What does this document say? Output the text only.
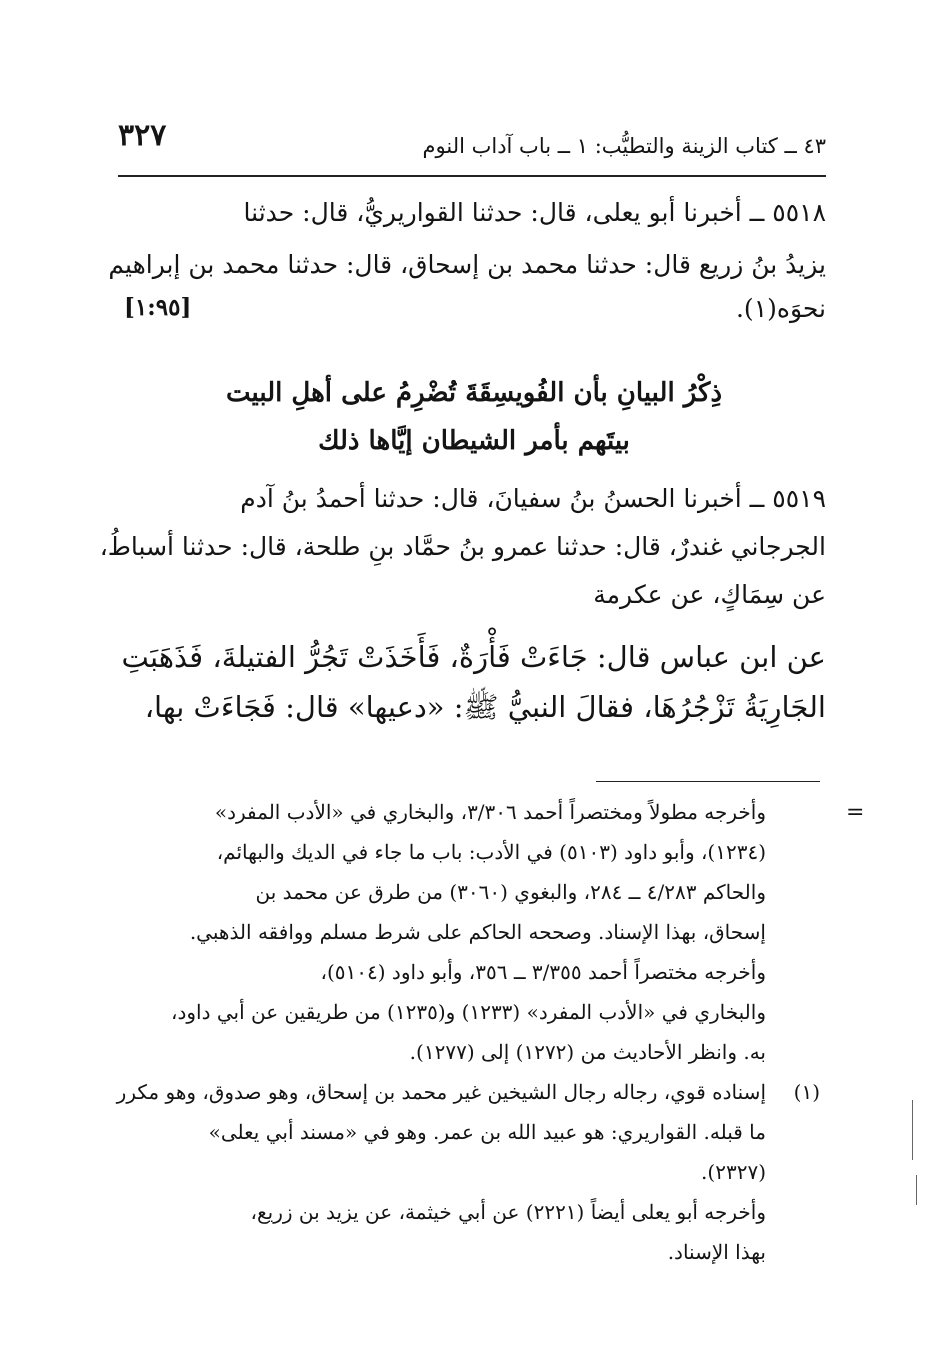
٣٢٧	٤٣ ــ كتاب الزينة والتطيُّب: ١ ــ باب آداب النوم
٥٥١٨ ــ أخبرنا أبو يعلى، قال: حدثنا القواريريُّ، قال: حدثنا
يزيدُ بنُ زريع قال: حدثنا محمد بن إسحاق، قال: حدثنا محمد بن إبراهيم
نحوَه(١).
[١:٩٥]
ذِكْرُ البيانِ بأن الفُويسِقَةَ تُضْرِمُ على أهلِ البيت
بيتَهم بأمر الشيطان إيَّاها ذلك
٥٥١٩ ــ أخبرنا الحسنُ بنُ سفيانَ، قال: حدثنا أحمدُ بنُ آدم
الجرجاني غندرٌ، قال: حدثنا عمرو بنُ حمَّاد بنِ طلحة، قال: حدثنا أسباطُ،
عن سِمَاكٍ، عن عكرمة
عن ابن عباس قال: جَاءَتْ فَأْرَةٌ، فَأَخَذَتْ تَجُرُّ الفتيلةَ، فَذَهَبَتِ
الجَارِيَةُ تَزْجُرُهَا، فقالَ النبيُّ ﷺ: «دعيها» قال: فَجَاءَتْ بها،
=
وأخرجه مطولاً ومختصراً أحمد ٣/٣٠٦، والبخاري في «الأدب المفرد»
(١٢٣٤)، وأبو داود (٥١٠٣) في الأدب: باب ما جاء في الديك والبهائم،
والحاكم ٤/٢٨٣ ــ ٢٨٤، والبغوي (٣٠٦٠) من طرق عن محمد بن
إسحاق، بهذا الإسناد. وصححه الحاكم على شرط مسلم ووافقه الذهبي.
وأخرجه مختصراً أحمد ٣/٣٥٥ ــ ٣٥٦، وأبو داود (٥١٠٤)،
والبخاري في «الأدب المفرد» (١٢٣٣) و(١٢٣٥) من طريقين عن أبي داود،
به. وانظر الأحاديث من (١٢٧٢) إلى (١٢٧٧).
(١)
إسناده قوي، رجاله رجال الشيخين غير محمد بن إسحاق، وهو صدوق، وهو مكرر
ما قبله. القواريري: هو عبيد الله بن عمر. وهو في «مسند أبي يعلى»
(٢٣٢٧).
وأخرجه أبو يعلى أيضاً (٢٢٢١) عن أبي خيثمة، عن يزيد بن زريع،
بهذا الإسناد.
